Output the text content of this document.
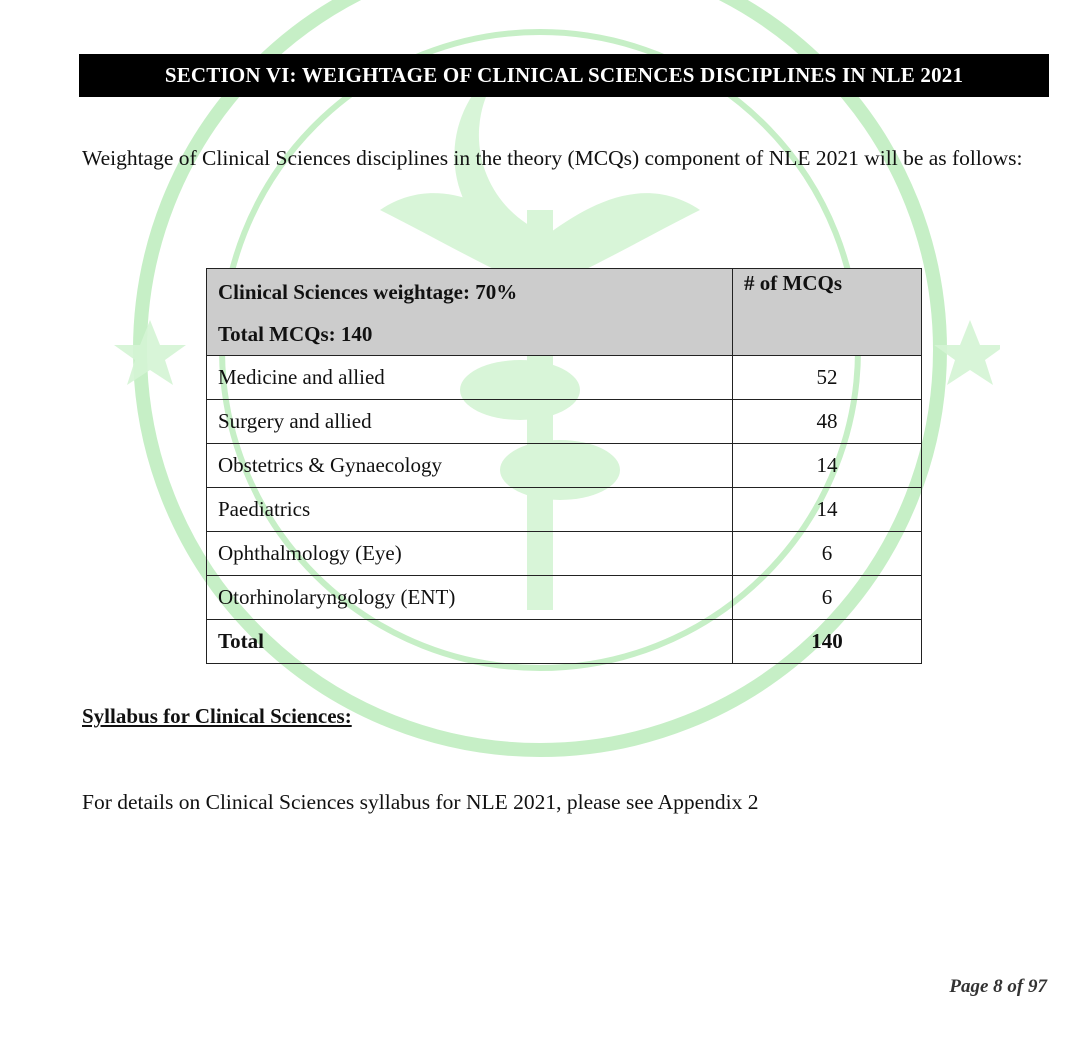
SECTION VI: WEIGHTAGE OF CLINICAL SCIENCES DISCIPLINES IN NLE 2021

Weightage of Clinical Sciences disciplines in the theory (MCQs) component of NLE 2021 will be as follows:

Clinical Sciences weightage: 70%
Total MCQs: 140	# of MCQs
Medicine and allied	52
Surgery and allied	48
Obstetrics & Gynaecology	14
Paediatrics	14
Ophthalmology (Eye)	6
Otorhinolaryngology (ENT)	6
Total	140

Syllabus for Clinical Sciences:

For details on Clinical Sciences syllabus for NLE 2021, please see Appendix 2

Page 8 of 97
